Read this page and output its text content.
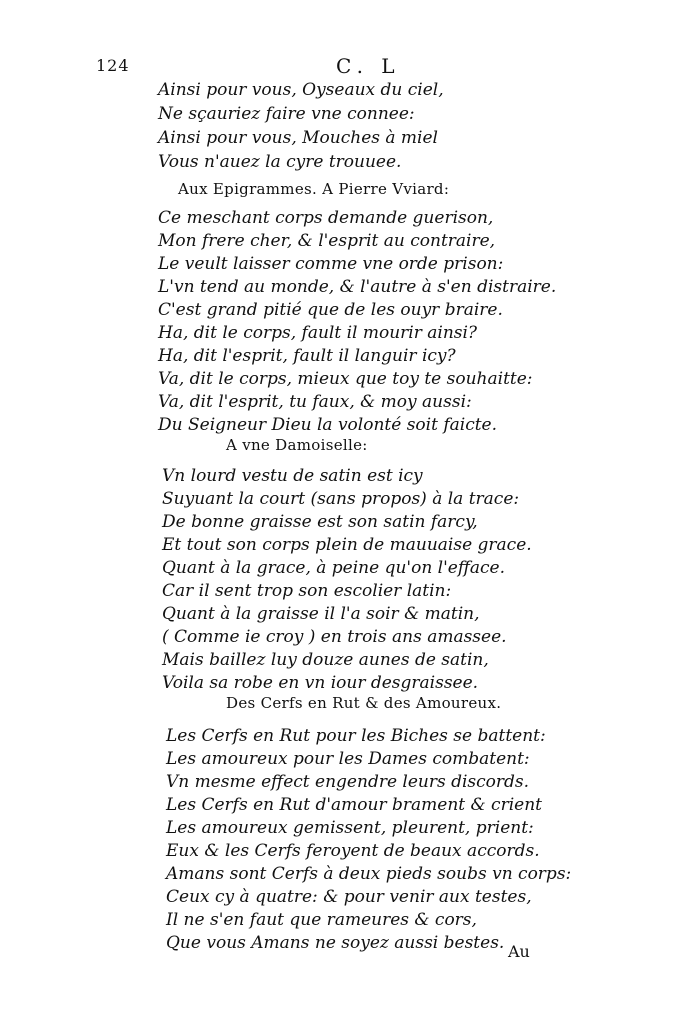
124	C. L
Ainsi pour vous, Oyseaux du ciel,
Ne sçauriez faire vne connee:
Ainsi pour vous, Mouches à miel
Vous n'auez la cyre trouuee.
Aux Epigrammes. A Pierre Vviard:
Ce meschant corps demande guerison,
Mon frere cher, & l'esprit au contraire,
Le veult laisser comme vne orde prison:
L'vn tend au monde, & l'autre à s'en distraire.
C'est grand pitié que de les ouyr braire.
Ha, dit le corps, fault il mourir ainsi?
Ha, dit l'esprit, fault il languir icy?
Va, dit le corps, mieux que toy te souhaitte:
Va, dit l'esprit, tu faux, & moy aussi:
Du Seigneur Dieu la volonté soit faicte.
A vne Damoiselle:
Vn lourd vestu de satin est icy
Suyuant la court (sans propos) à la trace:
De bonne graisse est son satin farcy,
Et tout son corps plein de mauuaise grace.
Quant à la grace, à peine qu'on l'efface.
Car il sent trop son escolier latin:
Quant à la graisse il l'a soir & matin,
( Comme ie croy ) en trois ans amassee.
Mais baillez luy douze aunes de satin,
Voila sa robe en vn iour desgraissee.
Des Cerfs en Rut & des Amoureux.
Les Cerfs en Rut pour les Biches se battent:
Les amoureux pour les Dames combatent:
Vn mesme effect engendre leurs discords.
Les Cerfs en Rut d'amour brament & crient
Les amoureux gemissent, pleurent, prient:
Eux & les Cerfs feroyent de beaux accords.
Amans sont Cerfs à deux pieds soubs vn corps:
Ceux cy à quatre: & pour venir aux testes,
Il ne s'en faut que rameures & cors,
Que vous Amans ne soyez aussi bestes. Au
